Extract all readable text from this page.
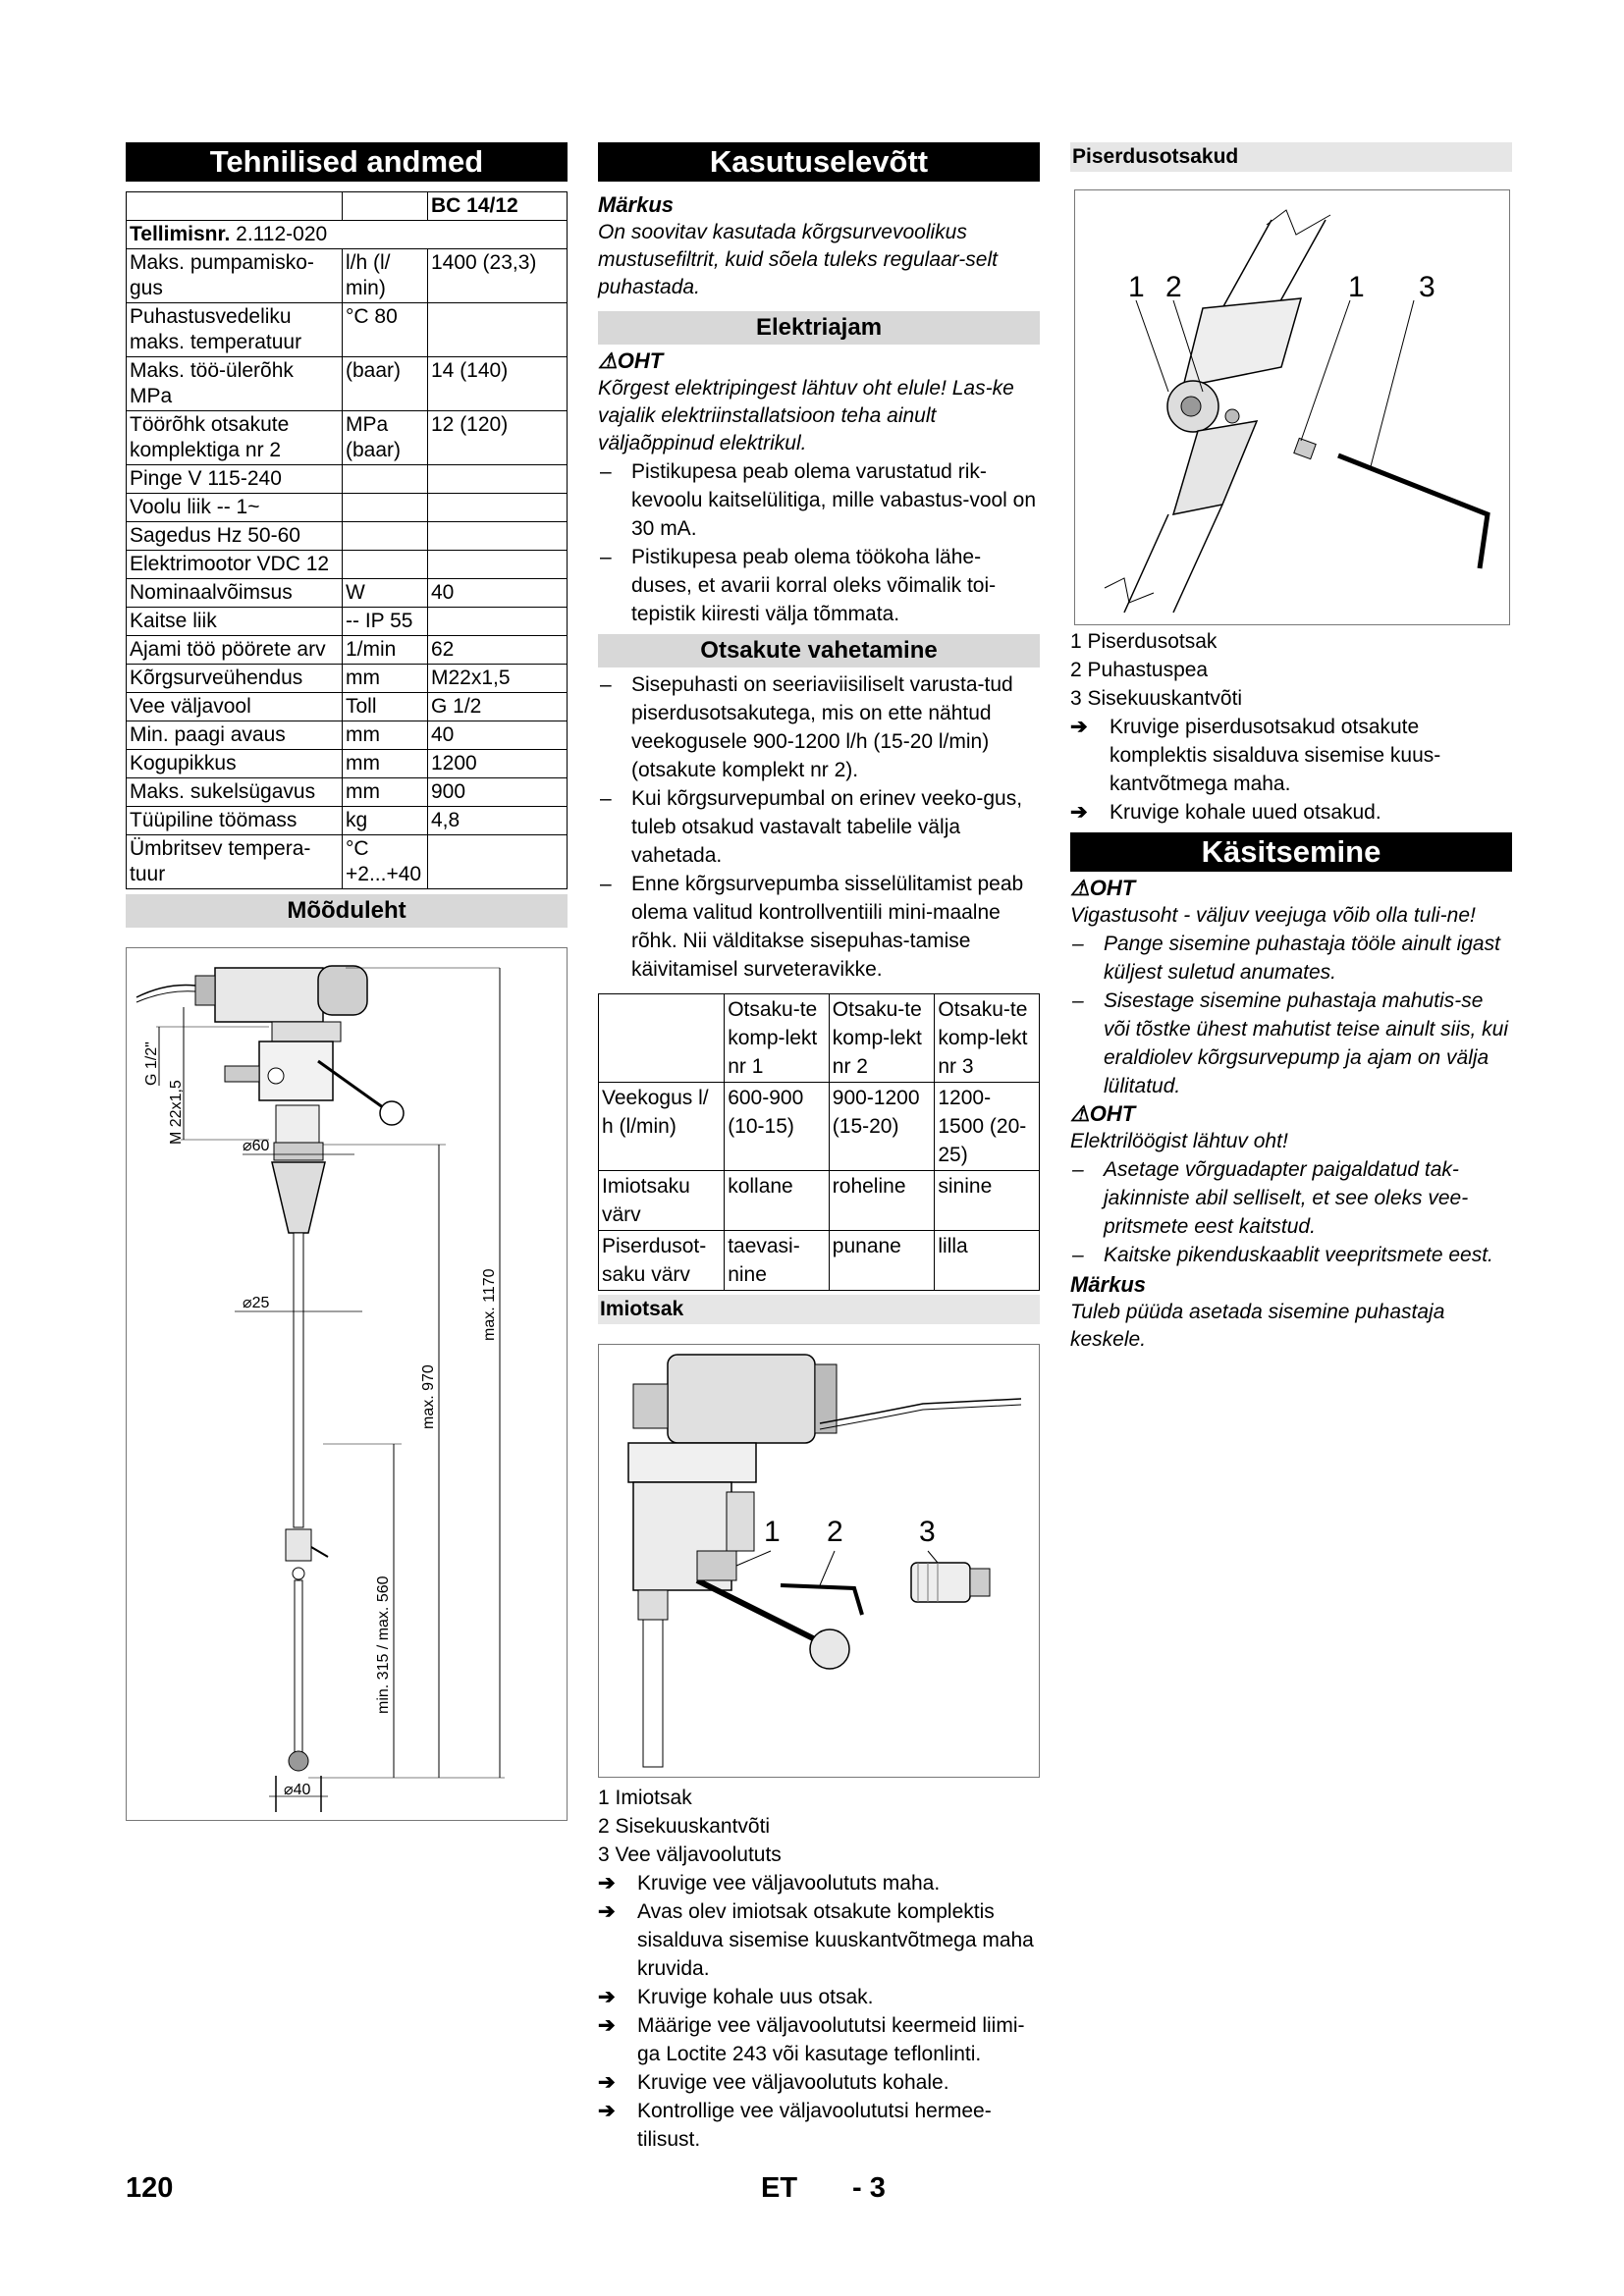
Tehnilised andmed
		BC 14/12
Tellimisnr. 2.112-020		
Maks. pumpamisko-gus	l/h (l/ min)	1400 (23,3)
Puhastusvedeliku maks. temperatuur	°C 80	
Maks. töö-ülerõhk MPa	(baar)	14 (140)
Töörõhk otsakute komplektiga nr 2	MPa (baar)	12 (120)
Pinge V 115-240		
Voolu liik -- 1~		
Sagedus Hz 50-60		
Elektrimootor VDC 12		
Nominaalvõimsus	W	40
Kaitse liik	-- IP 55	
Ajami töö pöörete arv	1/min	62
Kõrgsurveühendus	mm	M22x1,5
Vee väljavool	Toll	G 1/2
Min. paagi avaus	mm	40
Kogupikkus	mm	1200
Maks. sukelsügavus	mm	900
Tüüpiline töömass	kg	4,8
Ümbritsev tempera-tuur	°C +2...+40	
Mõõduleht
G 1/2"
M 22x1,5
⌀60
⌀25	max. 1170
max. 970
min. 315 / max. 560
⌀40
Kasutuselevõtt
Märkus
On soovitav kasutada kõrgsurvevoolikus mustusefiltrit, kuid sõela tuleks regulaar-selt puhastada.
Elektriajam
⚠OHT
Kõrgest elektripingest lähtuv oht elule! Las-ke vajalik elektriinstallatsioon teha ainult väljaõppinud elektrikul.
– Pistikupesa peab olema varustatud rik-kevoolu kaitselülitiga, mille vabastus-vool on 30 mA.
– Pistikupesa peab olema töökoha lähe-duses, et avarii korral oleks võimalik toi-tepistik kiiresti välja tõmmata.
Otsakute vahetamine
– Sisepuhasti on seeriaviisiliselt varusta-tud piserdusotsakutega, mis on ette nähtud veekogusele 900-1200 l/h (15-20 l/min) (otsakute komplekt nr 2).
– Kui kõrgsurvepumbal on erinev veeko-gus, tuleb otsakud vastavalt tabelile välja vahetada.
– Enne kõrgsurvepumba sisselülitamist peab olema valitud kontrollventiili mini-maalne rõhk. Nii välditakse sisepuhas-tamise käivitamisel surveteravikke.
	Otsaku-te komp-lekt nr 1	Otsaku-te komp-lekt nr 2	Otsaku-te komp-lekt nr 3
Veekogus l/ h (l/min)	600-900 (10-15)	900-1200 (15-20)	1200-1500 (20-25)
Imiotsaku värv	kollane	roheline	sinine
Piserdusot-saku värv	taevasi-nine	punane	lilla
Imiotsak
1 2	3
1 Imiotsak
2 Sisekuuskantvõti
3 Vee väljavoolututs
➔ Kruvige vee väljavoolututs maha.
➔ Avas olev imiotsak otsakute komplektis sisalduva sisemise kuuskantvõtmega maha kruvida.
➔ Kruvige kohale uus otsak.
➔ Määrige vee väljavoolututsi keermeid liimi-ga Loctite 243 või kasutage teflonlinti.
➔ Kruvige vee väljavoolututs kohale.
➔ Kontrollige vee väljavoolututsi hermee-tilisust.
Piserdusotsakud
1 2	1 3
1 Piserdusotsak
2 Puhastuspea
3 Sisekuuskantvõti
➔ Kruvige piserdusotsakud otsakute komplektis sisalduva sisemise kuus-kantvõtmega maha.
➔ Kruvige kohale uued otsakud.
Käsitsemine
⚠OHT
Vigastusoht - väljuv veejuga võib olla tuli-ne!
– Pange sisemine puhastaja tööle ainult igast küljest suletud anumates.
– Sisestage sisemine puhastaja mahutis-se või tõstke ühest mahutist teise ainult siis, kui eraldiolev kõrgsurvepump ja ajam on välja lülitatud.
⚠OHT
Elektrilöögist lähtuv oht!
– Asetage võrguadapter paigaldatud tak-jakinniste abil selliselt, et see oleks vee-pritsmete eest kaitstud.
– Kaitske pikenduskaablit veepritsmete eest.
Märkus
Tuleb püüda asetada sisemine puhastaja keskele.
120	ET - 3
